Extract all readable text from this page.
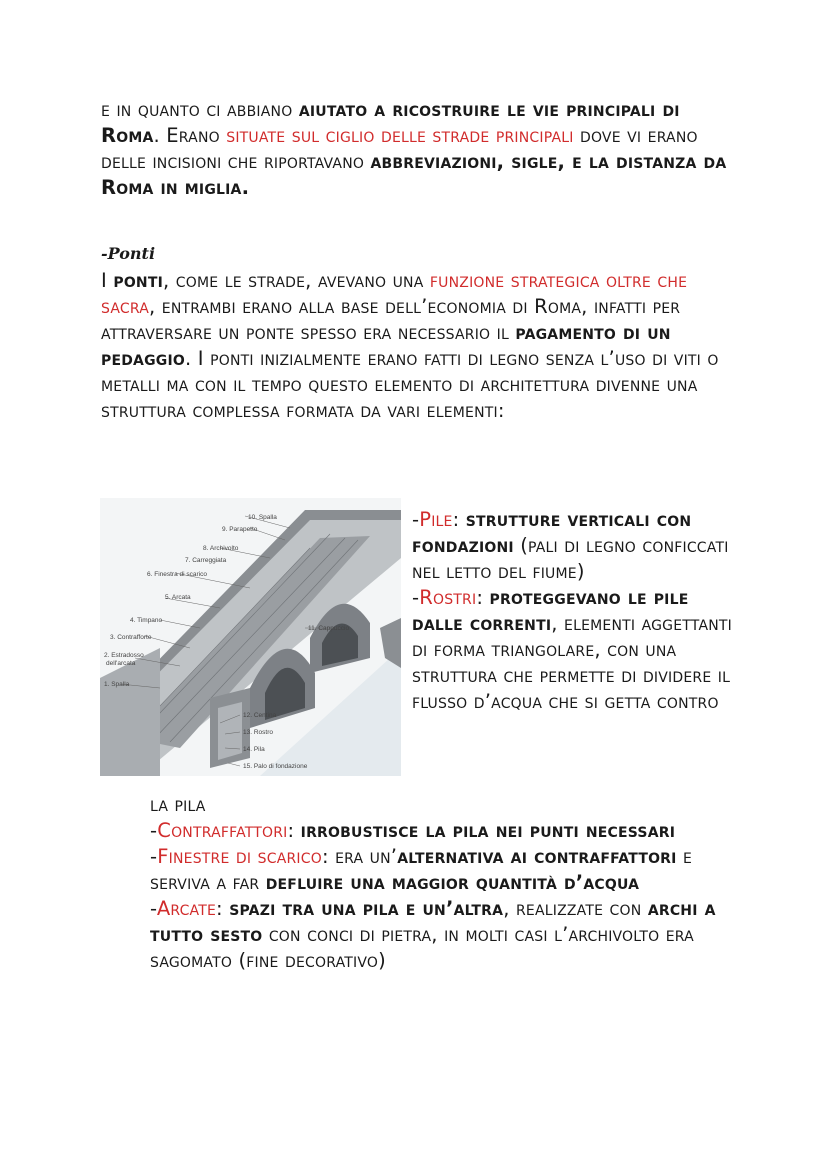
e in quanto ci abbiano aiutato a ricostruire le vie principali di Roma. Erano situate sul ciglio delle strade principali dove vi erano delle incisioni che riportavano abbreviazioni, sigle, e la distanza da Roma in miglia.
-Ponti
I ponti, come le strade, avevano una funzione strategica oltre che sacra, entrambi erano alla base dell’economia di Roma, infatti per attraversare un ponte spesso era necessario il pagamento di un pedaggio. I ponti inizialmente erano fatti di legno senza l’uso di viti o metalli ma con il tempo questo elemento di architettura divenne una struttura complessa formata da vari elementi:
10. Spalla
9. Parapetto
8. Archivolto
7. Carreggiata
6. Finestra di scarico
5. Arcata
4. Timpano
3. Contrafforte
2. Estradosso
dell'arcata
1. Spalla
11. Cappuccio
12. Centina
13. Rostro
14. Pila
15. Palo di fondazione
-Pile: strutture verticali con fondazioni (pali di legno conficcati nel letto del fiume)
-Rostri: proteggevano le pile dalle correnti, elementi aggettanti di forma triangolare, con una struttura che permette di dividere il flusso d’acqua che si getta contro
la pila
-Contraffattori: irrobustisce la pila nei punti necessari
-Finestre di scarico: era un’alternativa ai contraffattori e serviva a far defluire una maggior quantità d’acqua
-Arcate: spazi tra una pila e un’altra, realizzate con archi a tutto sesto con conci di pietra, in molti casi l’archivolto era sagomato (fine decorativo)
